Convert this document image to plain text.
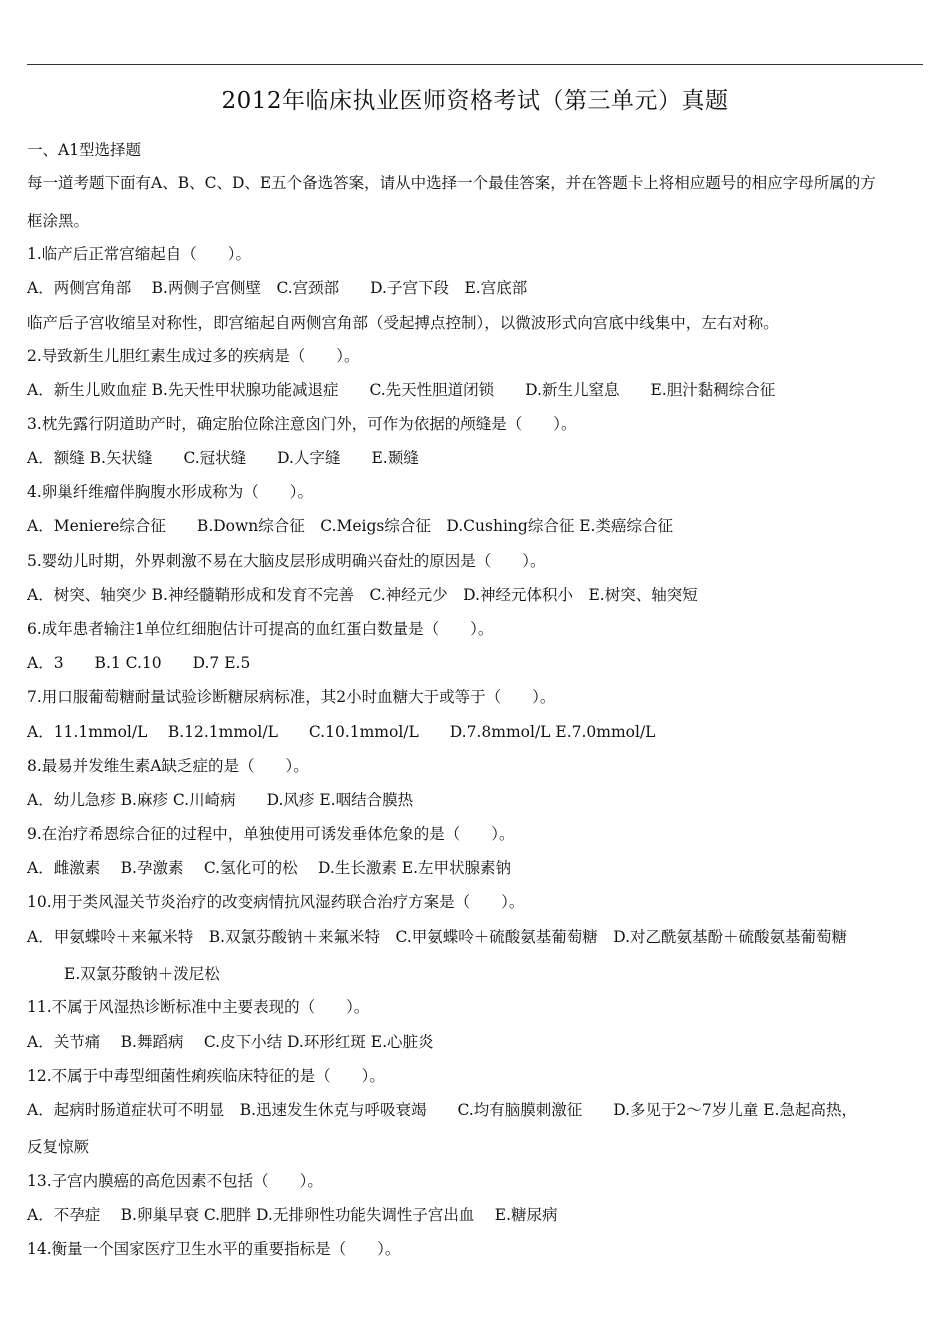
2012年临床执业医师资格考试（第三单元）真题
一、A1型选择题
每一道考题下面有A、B、C、D、E五个备选答案，请从中选择一个最佳答案，并在答题卡上将相应题号的相应字母所属的方
框涂黑。
1.临产后正常宫缩起自（　　）。
A．两侧宫角部　 B.两侧子宫侧壁　C.宫颈部　　D.子宫下段　E.宫底部
临产后子宫收缩呈对称性，即宫缩起自两侧宫角部（受起搏点控制），以微波形式向宫底中线集中，左右对称。
2.导致新生儿胆红素生成过多的疾病是（　　）。
A．新生儿败血症 B.先天性甲状腺功能减退症　　C.先天性胆道闭锁　　D.新生儿窒息　　E.胆汁黏稠综合征
3.枕先露行阴道助产时，确定胎位除注意囟门外，可作为依据的颅缝是（　　）。
A．额缝 B.矢状缝　　C.冠状缝　　D.人字缝　　E.颞缝
4.卵巢纤维瘤伴胸腹水形成称为（　　）。
A．Meniere综合征　　B.Down综合征　C.Meigs综合征　D.Cushing综合征 E.类癌综合征
5.婴幼儿时期，外界刺激不易在大脑皮层形成明确兴奋灶的原因是（　　）。
A．树突、轴突少 B.神经髓鞘形成和发育不完善　C.神经元少　D.神经元体积小　E.树突、轴突短
6.成年患者输注1单位红细胞估计可提高的血红蛋白数量是（　　）。
A．3　　B.1 C.10　　D.7 E.5
7.用口服葡萄糖耐量试验诊断糖尿病标准，其2小时血糖大于或等于（　　）。
A．11.1mmol/L　 B.12.1mmol/L　　C.10.1mmol/L　　D.7.8mmol/L E.7.0mmol/L
8.最易并发维生素A缺乏症的是（　　）。
A．幼儿急疹 B.麻疹 C.川崎病　　D.风疹 E.咽结合膜热
9.在治疗希恩综合征的过程中，单独使用可诱发垂体危象的是（　　）。
A．雌激素　 B.孕激素　 C.氢化可的松　 D.生长激素 E.左甲状腺素钠
10.用于类风湿关节炎治疗的改变病情抗风湿药联合治疗方案是（　　）。
A．甲氨蝶呤＋来氟米特　B.双氯芬酸钠＋来氟米特　C.甲氨蝶呤＋硫酸氨基葡萄糖　D.对乙酰氨基酚＋硫酸氨基葡萄糖
E.双氯芬酸钠＋泼尼松
11.不属于风湿热诊断标准中主要表现的（　　）。
A．关节痛　 B.舞蹈病　 C.皮下小结 D.环形红斑 E.心脏炎
12.不属于中毒型细菌性痢疾临床特征的是（　　）。
A．起病时肠道症状可不明显　B.迅速发生休克与呼吸衰竭　　C.均有脑膜刺激征　　D.多见于2～7岁儿童 E.急起高热，
反复惊厥
13.子宫内膜癌的高危因素不包括（　　）。
A．不孕症　 B.卵巢早衰 C.肥胖 D.无排卵性功能失调性子宫出血　 E.糖尿病
14.衡量一个国家医疗卫生水平的重要指标是（　　）。
